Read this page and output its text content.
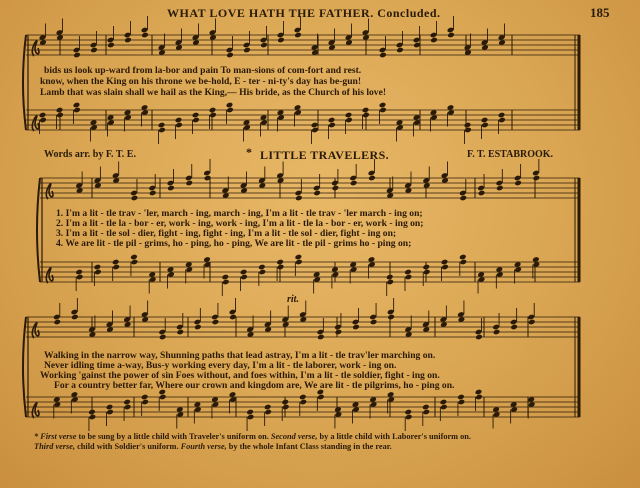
WHAT LOVE HATH THE FATHER. Concluded.	185
bids us look up-ward from la-bor and pain To man-sions of com-fort and rest.
know, when the King on his throne we be-hold, E - ter - ni-ty's day has be-gun!
Lamb that was slain shall we hail as the King,— His bride, as the Church of his love!
Words arr. by F. T. E.	* LITTLE TRAVELERS.	F. T. ESTABROOK.
1. I'm a lit - tle trav - 'ler, march - ing, march - ing, I'm a lit - tle trav - 'ler march - ing on;
2. I'm a lit - tle la - bor - er, work - ing, work - ing, I'm a lit - tle la - bor - er, work - ing on;
3. I'm a lit - tle sol - dier, fight - ing, fight - ing, I'm a lit - tle sol - dier, fight - ing on;
4. We are lit - tle pil - grims, ho - ping, ho - ping, We are lit - tle pil - grims ho - ping on;
rit.
Walking in the narrow way, Shunning paths that lead astray, I'm a lit - tle trav'ler marching on.
Never idling time a-way, Bus-y working every day, I'm a lit - tle laborer, work - ing on.
Working 'gainst the power of sin Foes without, and foes within, I'm a lit - tle soldier, fight - ing on.
For a country better far, Where our crown and kingdom are, We are lit - tle pilgrims, ho - ping on.
* First verse to be sung by a little child with Traveler's uniform on. Second verse, by a little child with Laborer's uniform on.
Third verse, child with Soldier's uniform. Fourth verse, by the whole Infant Class standing in the rear.
